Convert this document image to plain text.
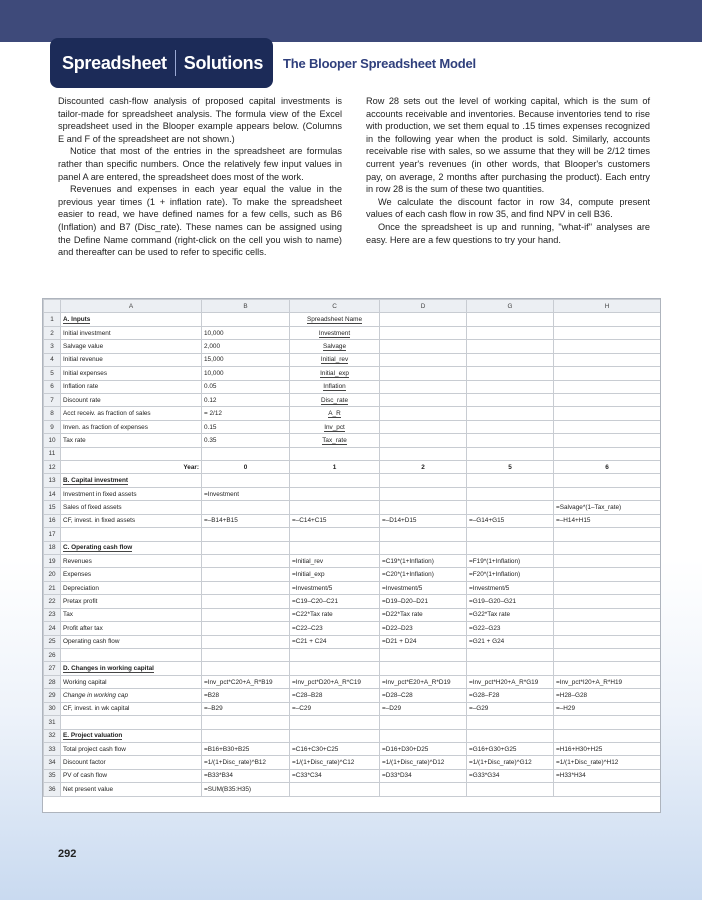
Spreadsheet Solutions The Blooper Spreadsheet Model

Discounted cash-flow analysis of proposed capital investments is tailor-made for spreadsheet analysis. The formula view of the Excel spreadsheet used in the Blooper example appears below. (Columns E and F of the spreadsheet are not shown.)

Notice that most of the entries in the spreadsheet are formulas rather than specific numbers. Once the relatively few input values in panel A are entered, the spreadsheet does most of the work.

Revenues and expenses in each year equal the value in the previous year times (1 + inflation rate). To make the spreadsheet easier to read, we have defined names for a few cells, such as B6 (Inflation) and B7 (Disc_rate). These names can be assigned using the Define Name command (right-click on the cell you wish to name) and thereafter can be used to refer to specific cells.

Row 28 sets out the level of working capital, which is the sum of accounts receivable and inventories. Because inventories tend to rise with production, we set them equal to .15 times expenses recognized in the following year when the product is sold. Similarly, accounts receivable rise with sales, so we assume that they will be 2/12 times current year's revenues (in other words, that Blooper's customers pay, on average, 2 months after purchasing the product). Each entry in row 28 is the sum of these two quantities.

We calculate the discount factor in row 34, compute present values of each cash flow in row 35, and find NPV in cell B36.

Once the spreadsheet is up and running, "what-if" analyses are easy. Here are a few questions to try your hand.

	A	B	C	D	G	H
1	A. Inputs		Spreadsheet Name			
2	Initial investment	10,000	Investment			
3	Salvage value	2,000	Salvage			
4	Initial revenue	15,000	Initial_rev			
5	Initial expenses	10,000	Initial_exp			
6	Inflation rate	0.05	Inflation			
7	Discount rate	0.12	Disc_rate			
8	Acct receiv. as fraction of sales	= 2/12	A_R			
9	Inven. as fraction of expenses	0.15	Inv_pct			
10	Tax rate	0.35	Tax_rate			
11						
12	Year:	0	1	2	5	6
13	B. Capital investment					
14	Investment in fixed assets	=Investment				
15	Sales of fixed assets					=Salvage*(1–Tax_rate)
16	CF, invest. in fixed assets	=–B14+B15	=–C14+C15	=–D14+D15	=–G14+G15	=–H14+H15
17						
18	C. Operating cash flow					
19	Revenues		=Initial_rev	=C19*(1+Inflation)	=F19*(1+Inflation)	
20	Expenses		=Initial_exp	=C20*(1+Inflation)	=F20*(1+Inflation)	
21	Depreciation		=Investment/5	=Investment/5	=Investment/5	
22	Pretax profit		=C19–C20–C21	=D19–D20–D21	=G19–G20–G21	
23	Tax		=C22*Tax rate	=D22*Tax rate	=G22*Tax rate	
24	Profit after tax		=C22–C23	=D22–D23	=G22–G23	
25	Operating cash flow		=C21 + C24	=D21 + D24	=G21 + G24	
26						
27	D. Changes in working capital					
28	Working capital	=Inv_pct*C20+A_R*B19	=Inv_pct*D20+A_R*C19	=Inv_pct*E20+A_R*D19	=Inv_pct*H20+A_R*G19	=Inv_pct*I20+A_R*H19
29	Change in working cap	=B28	=C28–B28	=D28–C28	=G28–F28	=H28–G28
30	CF, invest. in wk capital	=–B29	=–C29	=–D29	=–G29	=–H29
31						
32	E. Project valuation					
33	Total project cash flow	=B16+B30+B25	=C16+C30+C25	=D16+D30+D25	=G16+G30+G25	=H16+H30+H25
34	Discount factor	=1/(1+Disc_rate)^B12	=1/(1+Disc_rate)^C12	=1/(1+Disc_rate)^D12	=1/(1+Disc_rate)^G12	=1/(1+Disc_rate)^H12
35	PV of cash flow	=B33*B34	=C33*C34	=D33*D34	=G33*G34	=H33*H34
36	Net present value	=SUM(B35:H35)				
292
